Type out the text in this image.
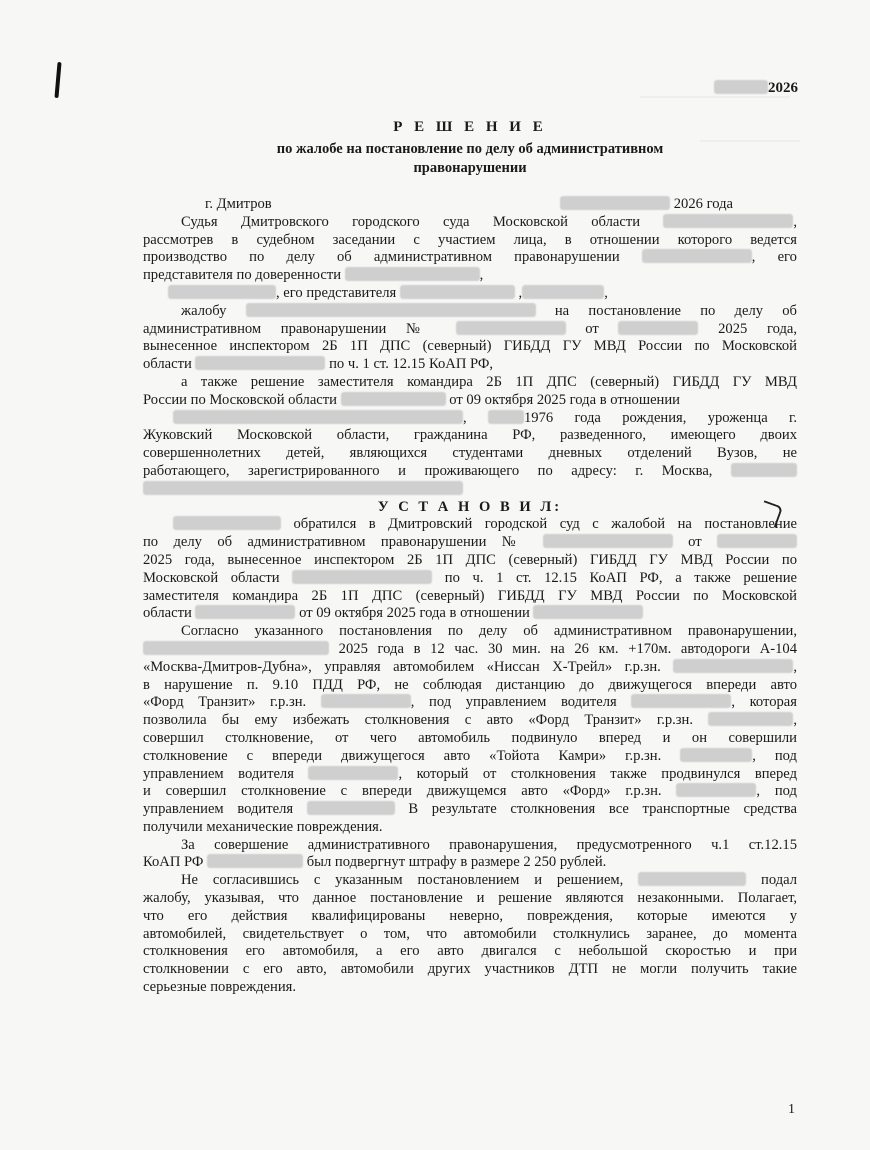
2026
Р Е Ш Е Н И Е
по жалобе на постановление по делу об административном
правонарушении

г. Дмитров	2026 года

Судья Дмитровского городского суда Московской области	,

рассмотрев в судебном заседании с участием лица, в отношении которого ведется

производство по делу об административном правонарушении	, его

представителя по доверенности	,

, его представителя	,	,

жалобу	на постановление по делу об

административном правонарушении №	от	2025 года,

вынесенное инспектором 2Б 1П ДПС (северный) ГИБДД ГУ МВД России по Московской

области	по ч. 1 ст. 12.15 КоАП РФ,

а также решение заместителя командира 2Б 1П ДПС (северный) ГИБДД ГУ МВД

России по Московской области	от 09 октября 2025 года в отношении

,	1976 года рождения, уроженца г.

Жуковский Московской области, гражданина РФ, разведенного, имеющего двоих

совершеннолетних детей, являющихся студентами дневных отделений Вузов, не

работающего, зарегистрированного и проживающего по адресу: г. Москва,

У С Т А Н О В И Л:

обратился в Дмитровский городской суд с жалобой на постановление

по делу об административном правонарушении №	от

2025 года, вынесенное инспектором 2Б 1П ДПС (северный) ГИБДД ГУ МВД России по

Московской области	по ч. 1 ст. 12.15 КоАП РФ, а также решение

заместителя командира 2Б 1П ДПС (северный) ГИБДД ГУ МВД России по Московской

области	от 09 октября 2025 года в отношении

Согласно указанного постановления по делу об административном правонарушении,

2025 года в 12 час. 30 мин. на 26 км. +170м. автодороги А-104

«Москва-Дмитров-Дубна», управляя автомобилем «Ниссан Х-Трейл» г.р.зн.	,

в нарушение п. 9.10 ПДД РФ, не соблюдая дистанцию до движущегося впереди авто

«Форд Транзит» г.р.зн.	, под управлением водителя	, которая

позволила бы ему избежать столкновения с авто «Форд Транзит» г.р.зн.	,

совершил столкновение, от чего автомобиль подвинуло вперед и он совершили

столкновение с впереди движущегося авто «Тойота Камри» г.р.зн.	, под

управлением водителя	, который от столкновения также продвинулся вперед

и совершил столкновение с впереди движущемся авто «Форд» г.р.зн.	, под

управлением водителя	В результате столкновения все транспортные средства

получили механические повреждения.

За совершение административного правонарушения, предусмотренного ч.1 ст.12.15

КоАП РФ	был подвергнут штрафу в размере 2 250 рублей.

Не согласившись с указанным постановлением и решением,	подал

жалобу, указывая, что данное постановление и решение являются незаконными. Полагает,

что его действия квалифицированы неверно, повреждения, которые имеются у

автомобилей, свидетельствует о том, что автомобили столкнулись заранее, до момента

столкновения его автомобиля, а его авто двигался с небольшой скоростью и при

столкновении с его авто, автомобили других участников ДТП не могли получить такие

серьезные повреждения.

1
